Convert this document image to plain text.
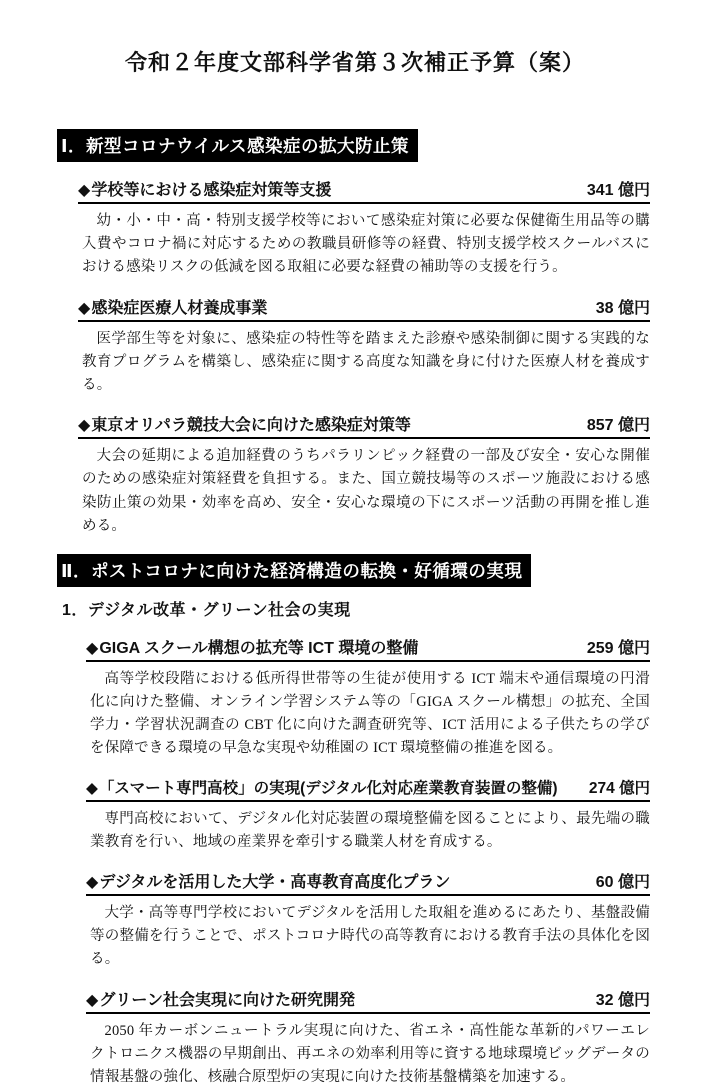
令和２年度文部科学省第３次補正予算（案）
Ⅰ．新型コロナウイルス感染症の拡大防止策
◆学校等における感染症対策等支援	341 億円

幼・小・中・高・特別支援学校等において感染症対策に必要な保健衛生用品等の購入費やコロナ禍に対応するための教職員研修等の経費、特別支援学校スクールバスにおける感染リスクの低減を図る取組に必要な経費の補助等の支援を行う。

◆感染症医療人材養成事業	38 億円

医学部生等を対象に、感染症の特性等を踏まえた診療や感染制御に関する実践的な教育プログラムを構築し、感染症に関する高度な知識を身に付けた医療人材を養成する。

◆東京オリパラ競技大会に向けた感染症対策等	857 億円

大会の延期による追加経費のうちパラリンピック経費の一部及び安全・安心な開催のための感染症対策経費を負担する。また、国立競技場等のスポーツ施設における感染防止策の効果・効率を高め、安全・安心な環境の下にスポーツ活動の再開を推し進める。

Ⅱ．ポストコロナに向けた経済構造の転換・好循環の実現
1．デジタル改革・グリーン社会の実現
◆GIGA スクール構想の拡充等 ICT 環境の整備	259 億円

高等学校段階における低所得世帯等の生徒が使用する ICT 端末や通信環境の円滑化に向けた整備、オンライン学習システム等の「GIGA スクール構想」の拡充、全国学力・学習状況調査の CBT 化に向けた調査研究等、ICT 活用による子供たちの学びを保障できる環境の早急な実現や幼稚園の ICT 環境整備の推進を図る。

◆「スマート専門高校」の実現(デジタル化対応産業教育装置の整備)	274 億円

専門高校において、デジタル化対応装置の環境整備を図ることにより、最先端の職業教育を行い、地域の産業界を牽引する職業人材を育成する。

◆デジタルを活用した大学・高専教育高度化プラン	60 億円

大学・高等専門学校においてデジタルを活用した取組を進めるにあたり、基盤設備等の整備を行うことで、ポストコロナ時代の高等教育における教育手法の具体化を図る。

◆グリーン社会実現に向けた研究開発	32 億円

2050 年カーボンニュートラル実現に向けた、省エネ・高性能な革新的パワーエレクトロニクス機器の早期創出、再エネの効率利用等に資する地球環境ビッグデータの情報基盤の強化、核融合原型炉の実現に向けた技術基盤構築を加速する。
